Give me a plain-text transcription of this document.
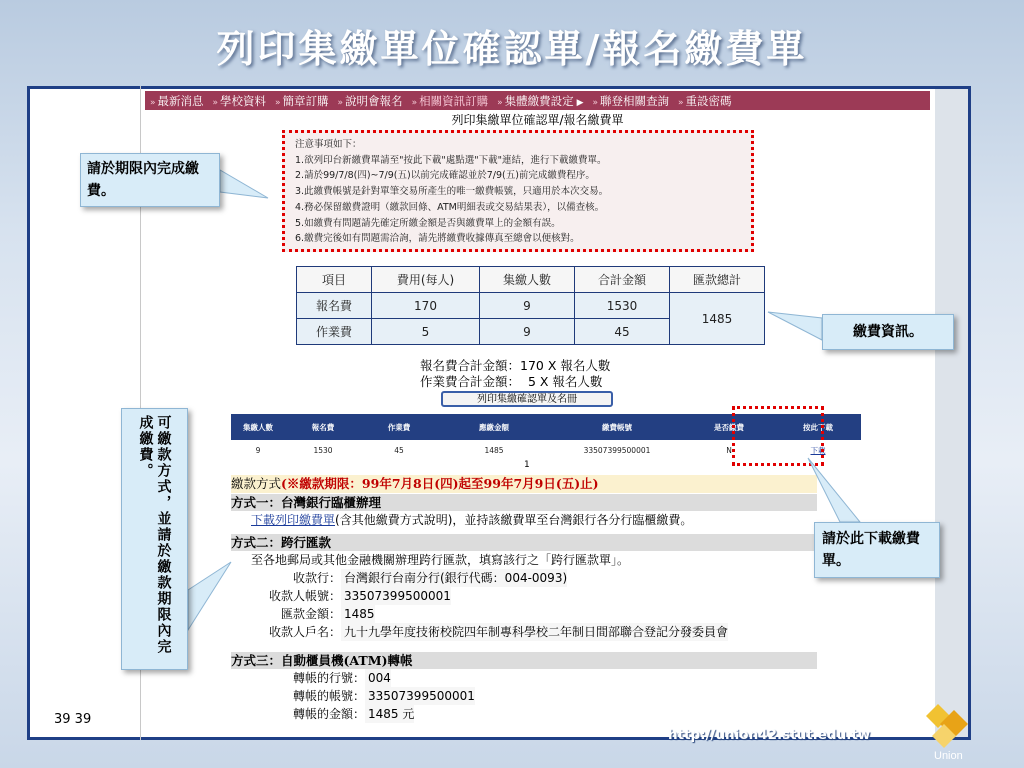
列印集繳單位確認單/報名繳費單
» 最新消息 » 學校資料 » 簡章訂購 » 說明會報名 » 相關資訊訂購 » 集體繳費設定 ▶ » 聯登相關查詢 » 重設密碼
列印集繳單位確認單/報名繳費單
注意事項如下：
1.欲列印台新繳費單請至"按此下載"處點選"下載"連結，進行下載繳費單。
2.請於99/7/8(四)~7/9(五)以前完成確認並於7/9(五)前完成繳費程序。
3.此繳費帳號是針對單筆交易所產生的唯一繳費帳號，只適用於本次交易。
4.務必保留繳費證明（繳款回條、ATM明細表或交易結果表），以備查核。
5.如繳費有問題請先確定所繳金額是否與繳費單上的金額有誤。
6.繳費完後如有問題需洽詢，請先將繳費收據傳真至總會以便核對。
項目	費用(每人)	集繳人數	合計金額	匯款總計
報名費	170	9	1530	1485
作業費	5	9	45	
報名費合計金額：170 X 報名人數
作業費合計金額：  5 X 報名人數
列印集繳確認單及名冊
集繳人數	報名費	作業費	應繳金額	繳費帳號	是否繳費	按此下載
9	1530	45	1485	33507399500001	N	下載
1
繳款方式(※繳款期限：99年7月8日(四)起至99年7月9日(五)止)
方式一：台灣銀行臨櫃辦理
下載列印繳費單(含其他繳費方式說明)，並持該繳費單至台灣銀行各分行臨櫃繳費。
方式二：跨行匯款
至各地郵局或其他金融機關辦理跨行匯款，填寫該行之「跨行匯款單」。
收款行： 台灣銀行台南分行(銀行代碼：004-0093)
收款人帳號： 33507399500001
匯款金額： 1485
收款人戶名： 九十九學年度技術校院四年制專科學校二年制日間部聯合登記分發委員會
方式三：自動櫃員機(ATM)轉帳
轉帳的行號： 004
轉帳的帳號： 33507399500001
轉帳的金額： 1485 元
請於期限內完成繳費。
繳費資訊。
可繳款方式，並請於繳款期限內完成繳費。
請於此下載繳費單。
39 39
http://union42.stut.edu.tw
Union
